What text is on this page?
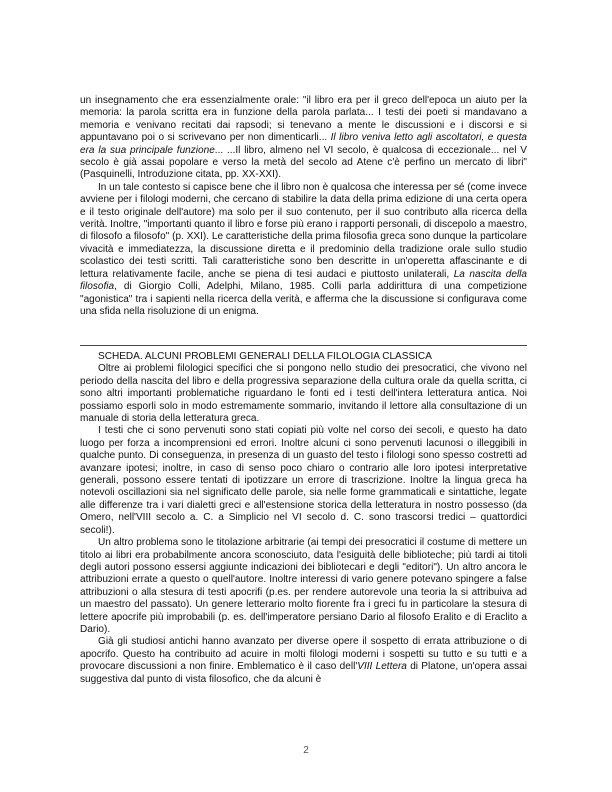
un insegnamento che era essenzialmente orale: "il libro era per il greco dell'epoca un aiuto per la memoria: la parola scritta era in funzione della parola parlata... I testi dei poeti si mandavano a memoria e venivano recitati dai rapsodi; si tenevano a mente le discussioni e i discorsi e si appuntavano poi o si scrivevano per non dimenticarli... Il libro veniva letto agli ascoltatori, e questa era la sua principale funzione... ...Il libro, almeno nel VI secolo, è qualcosa di eccezionale... nel V secolo è già assai popolare e verso la metà del secolo ad Atene c'è perfino un mercato di libri" (Pasquinelli, Introduzione citata, pp. XX-XXI).

In un tale contesto si capisce bene che il libro non è qualcosa che interessa per sé (come invece avviene per i filologi moderni, che cercano di stabilire la data della prima edizione di una certa opera e il testo originale dell'autore) ma solo per il suo contenuto, per il suo contributo alla ricerca della verità. Inoltre, "importanti quanto il libro e forse più erano i rapporti personali, di discepolo a maestro, di filosofo a filosofo" (p. XXI). Le caratteristiche della prima filosofia greca sono dunque la particolare vivacità e immediatezza, la discussione diretta e il predominio della tradizione orale sullo studio scolastico dei testi scritti. Tali caratteristiche sono ben descritte in un'operetta affascinante e di lettura relativamente facile, anche se piena di tesi audaci e piuttosto unilaterali, La nascita della filosofia, di Giorgio Colli, Adelphi, Milano, 1985. Colli parla addirittura di una competizione "agonistica" tra i sapienti nella ricerca della verità, e afferma che la discussione si configurava come una sfida nella risoluzione di un enigma.

SCHEDA. ALCUNI PROBLEMI GENERALI DELLA FILOLOGIA CLASSICA

Oltre ai problemi filologici specifici che si pongono nello studio dei presocratici, che vivono nel periodo della nascita del libro e della progressiva separazione della cultura orale da quella scritta, ci sono altri importanti problematiche riguardano le fonti ed i testi dell'intera letteratura antica. Noi possiamo esporli solo in modo estremamente sommario, invitando il lettore alla consultazione di un manuale di storia della letteratura greca.

I testi che ci sono pervenuti sono stati copiati più volte nel corso dei secoli, e questo ha dato luogo per forza a incomprensioni ed errori. Inoltre alcuni ci sono pervenuti lacunosi o illeggibili in qualche punto. Di conseguenza, in presenza di un guasto del testo i filologi sono spesso costretti ad avanzare ipotesi; inoltre, in caso di senso poco chiaro o contrario alle loro ipotesi interpretative generali, possono essere tentati di ipotizzare un errore di trascrizione. Inoltre la lingua greca ha notevoli oscillazioni sia nel significato delle parole, sia nelle forme grammaticali e sintattiche, legate alle differenze tra i vari dialetti greci e all'estensione storica della letteratura in nostro possesso (da Omero, nell'VIII secolo a. C. a Simplicio nel VI secolo d. C. sono trascorsi tredici – quattordici secoli!).

Un altro problema sono le titolazione arbitrarie (ai tempi dei presocratici il costume di mettere un titolo ai libri era probabilmente ancora sconosciuto, data l'esiguità delle biblioteche; più tardi ai titoli degli autori possono essersi aggiunte indicazioni dei bibliotecari e degli "editori"). Un altro ancora le attribuzioni errate a questo o quell'autore. Inoltre interessi di vario genere potevano spingere a false attribuzioni o alla stesura di testi apocrifi (p.es. per rendere autorevole una teoria la si attribuiva ad un maestro del passato). Un genere letterario molto fiorente fra i greci fu in particolare la stesura di lettere apocrife più improbabili (p. es. dell'imperatore persiano Dario al filosofo Eralito e di Eraclito a Dario).

Già gli studiosi antichi hanno avanzato per diverse opere il sospetto di errata attribuzione o di apocrifo. Questo ha contribuito ad acuire in molti filologi moderni i sospetti su tutto e su tutti e a provocare discussioni a non finire. Emblematico è il caso dell'VIII Lettera di Platone, un'opera assai suggestiva dal punto di vista filosofico, che da alcuni è

2
